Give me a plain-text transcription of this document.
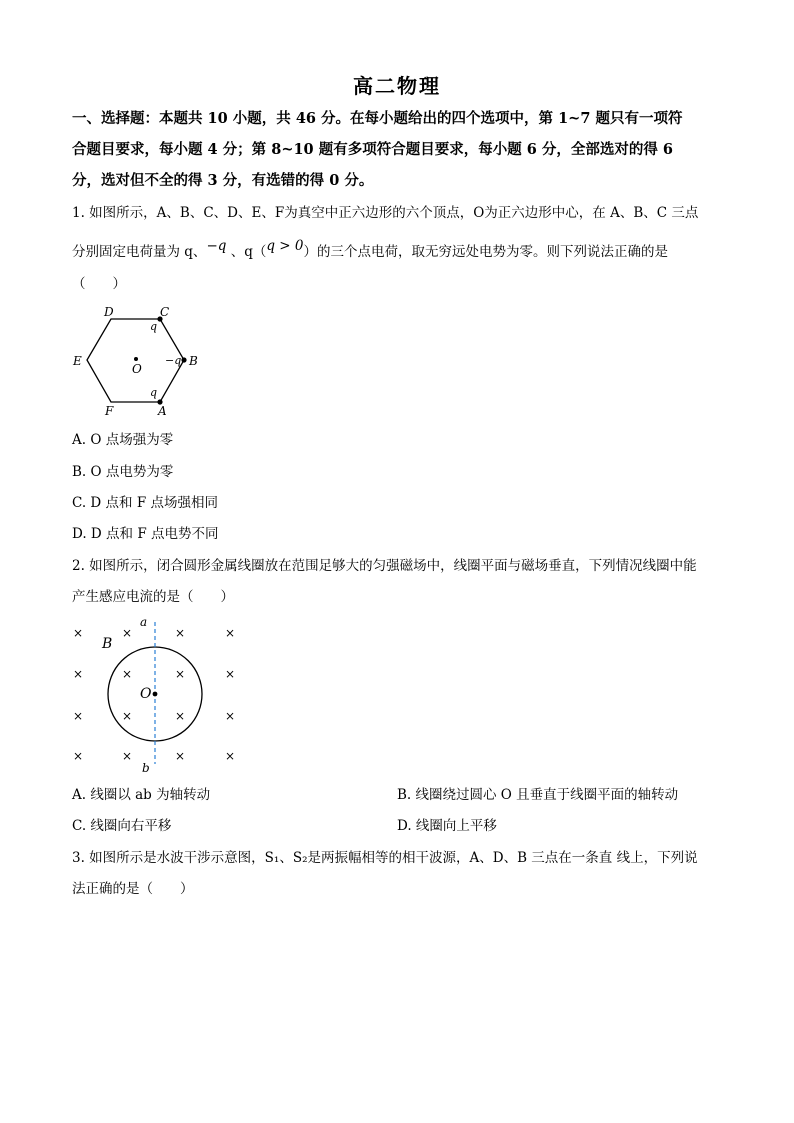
高二物理
一、选择题：本题共 10 小题，共 46 分。在每小题给出的四个选项中，第 1~7 题只有一项符
合题目要求，每小题 4 分；第 8~10 题有多项符合题目要求，每小题 6 分，全部选对的得 6
分，选对但不全的得 3 分，有选错的得 0 分。
1. 如图所示，A、B、C、D、E、F为真空中正六边形的六个顶点，O为正六边形中心，在 A、B、C 三点
分别固定电荷量为 q、−q 、q（q > 0）的三个点电荷，取无穷远处电势为零。则下列说法正确的是
（　　）
D	C
E	B
F	A
O
q
−q
q
A. O 点场强为零
B. O 点电势为零
C. D 点和 F 点场强相同
D. D 点和 F 点电势不同
2. 如图所示，闭合圆形金属线圈放在范围足够大的匀强磁场中，线圈平面与磁场垂直，下列情况线圈中能
产生感应电流的是（　　）
×	×	×	×
×	×	×	×
×	×	×	×
×	×	×	×
a
b
B
O
A. 线圈以 ab 为轴转动	B. 线圈绕过圆心 O 且垂直于线圈平面的轴转动
C. 线圈向右平移	D. 线圈向上平移
3. 如图所示是水波干涉示意图，S₁、S₂是两振幅相等的相干波源，A、D、B 三点在一条直 线上，下列说
法正确的是（　　）
